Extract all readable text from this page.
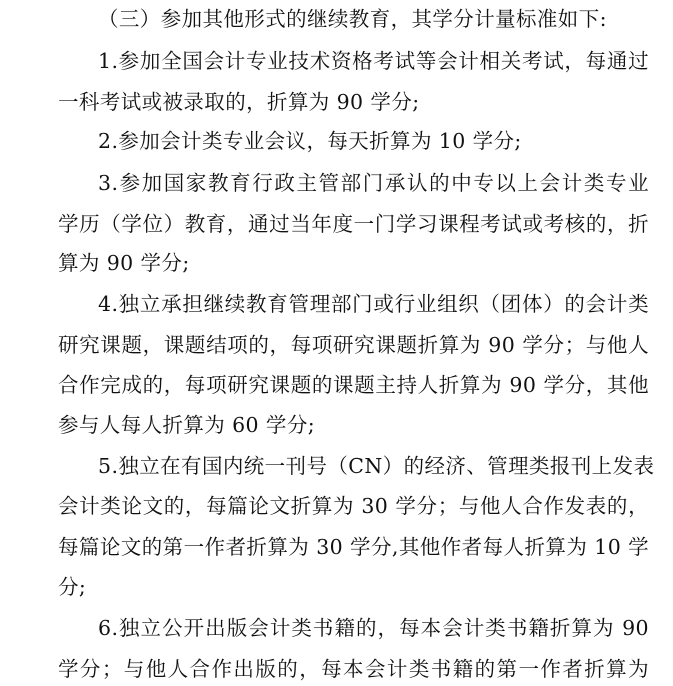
（三）参加其他形式的继续教育，其学分计量标准如下:
1.参加全国会计专业技术资格考试等会计相关考试，每通过
一科考试或被录取的，折算为 90 学分;
2.参加会计类专业会议，每天折算为 10 学分;
3.参加国家教育行政主管部门承认的中专以上会计类专业
学历（学位）教育，通过当年度一门学习课程考试或考核的，折
算为 90 学分;
4.独立承担继续教育管理部门或行业组织（团体）的会计类
研究课题，课题结项的，每项研究课题折算为 90 学分；与他人
合作完成的，每项研究课题的课题主持人折算为 90 学分，其他
参与人每人折算为 60 学分;
5.独立在有国内统一刊号（CN）的经济、管理类报刊上发表
会计类论文的，每篇论文折算为 30 学分；与他人合作发表的，
每篇论文的第一作者折算为 30 学分,其他作者每人折算为 10 学
分;
6.独立公开出版会计类书籍的，每本会计类书籍折算为 90
学分；与他人合作出版的，每本会计类书籍的第一作者折算为
